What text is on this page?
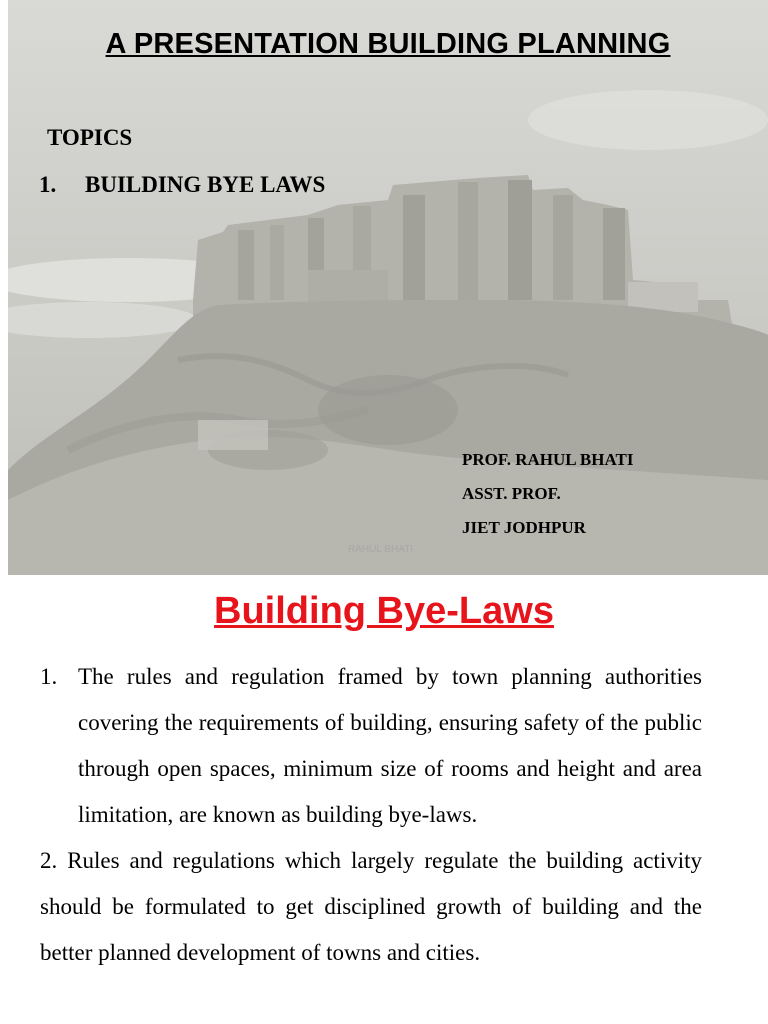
A PRESENTATION BUILDING PLANNING
TOPICS
1.	BUILDING BYE LAWS
PROF. RAHUL BHATI
ASST. PROF.
JIET JODHPUR
RAHUL BHATI
Building Bye-Laws
1. The rules and regulation framed by town planning authorities covering the requirements of building, ensuring safety of the public through open spaces, minimum size of rooms and height and area limitation, are known as building bye-laws.
2. Rules and regulations which largely regulate the building activity should be formulated to get disciplined growth of building and the better planned development of towns and cities.
